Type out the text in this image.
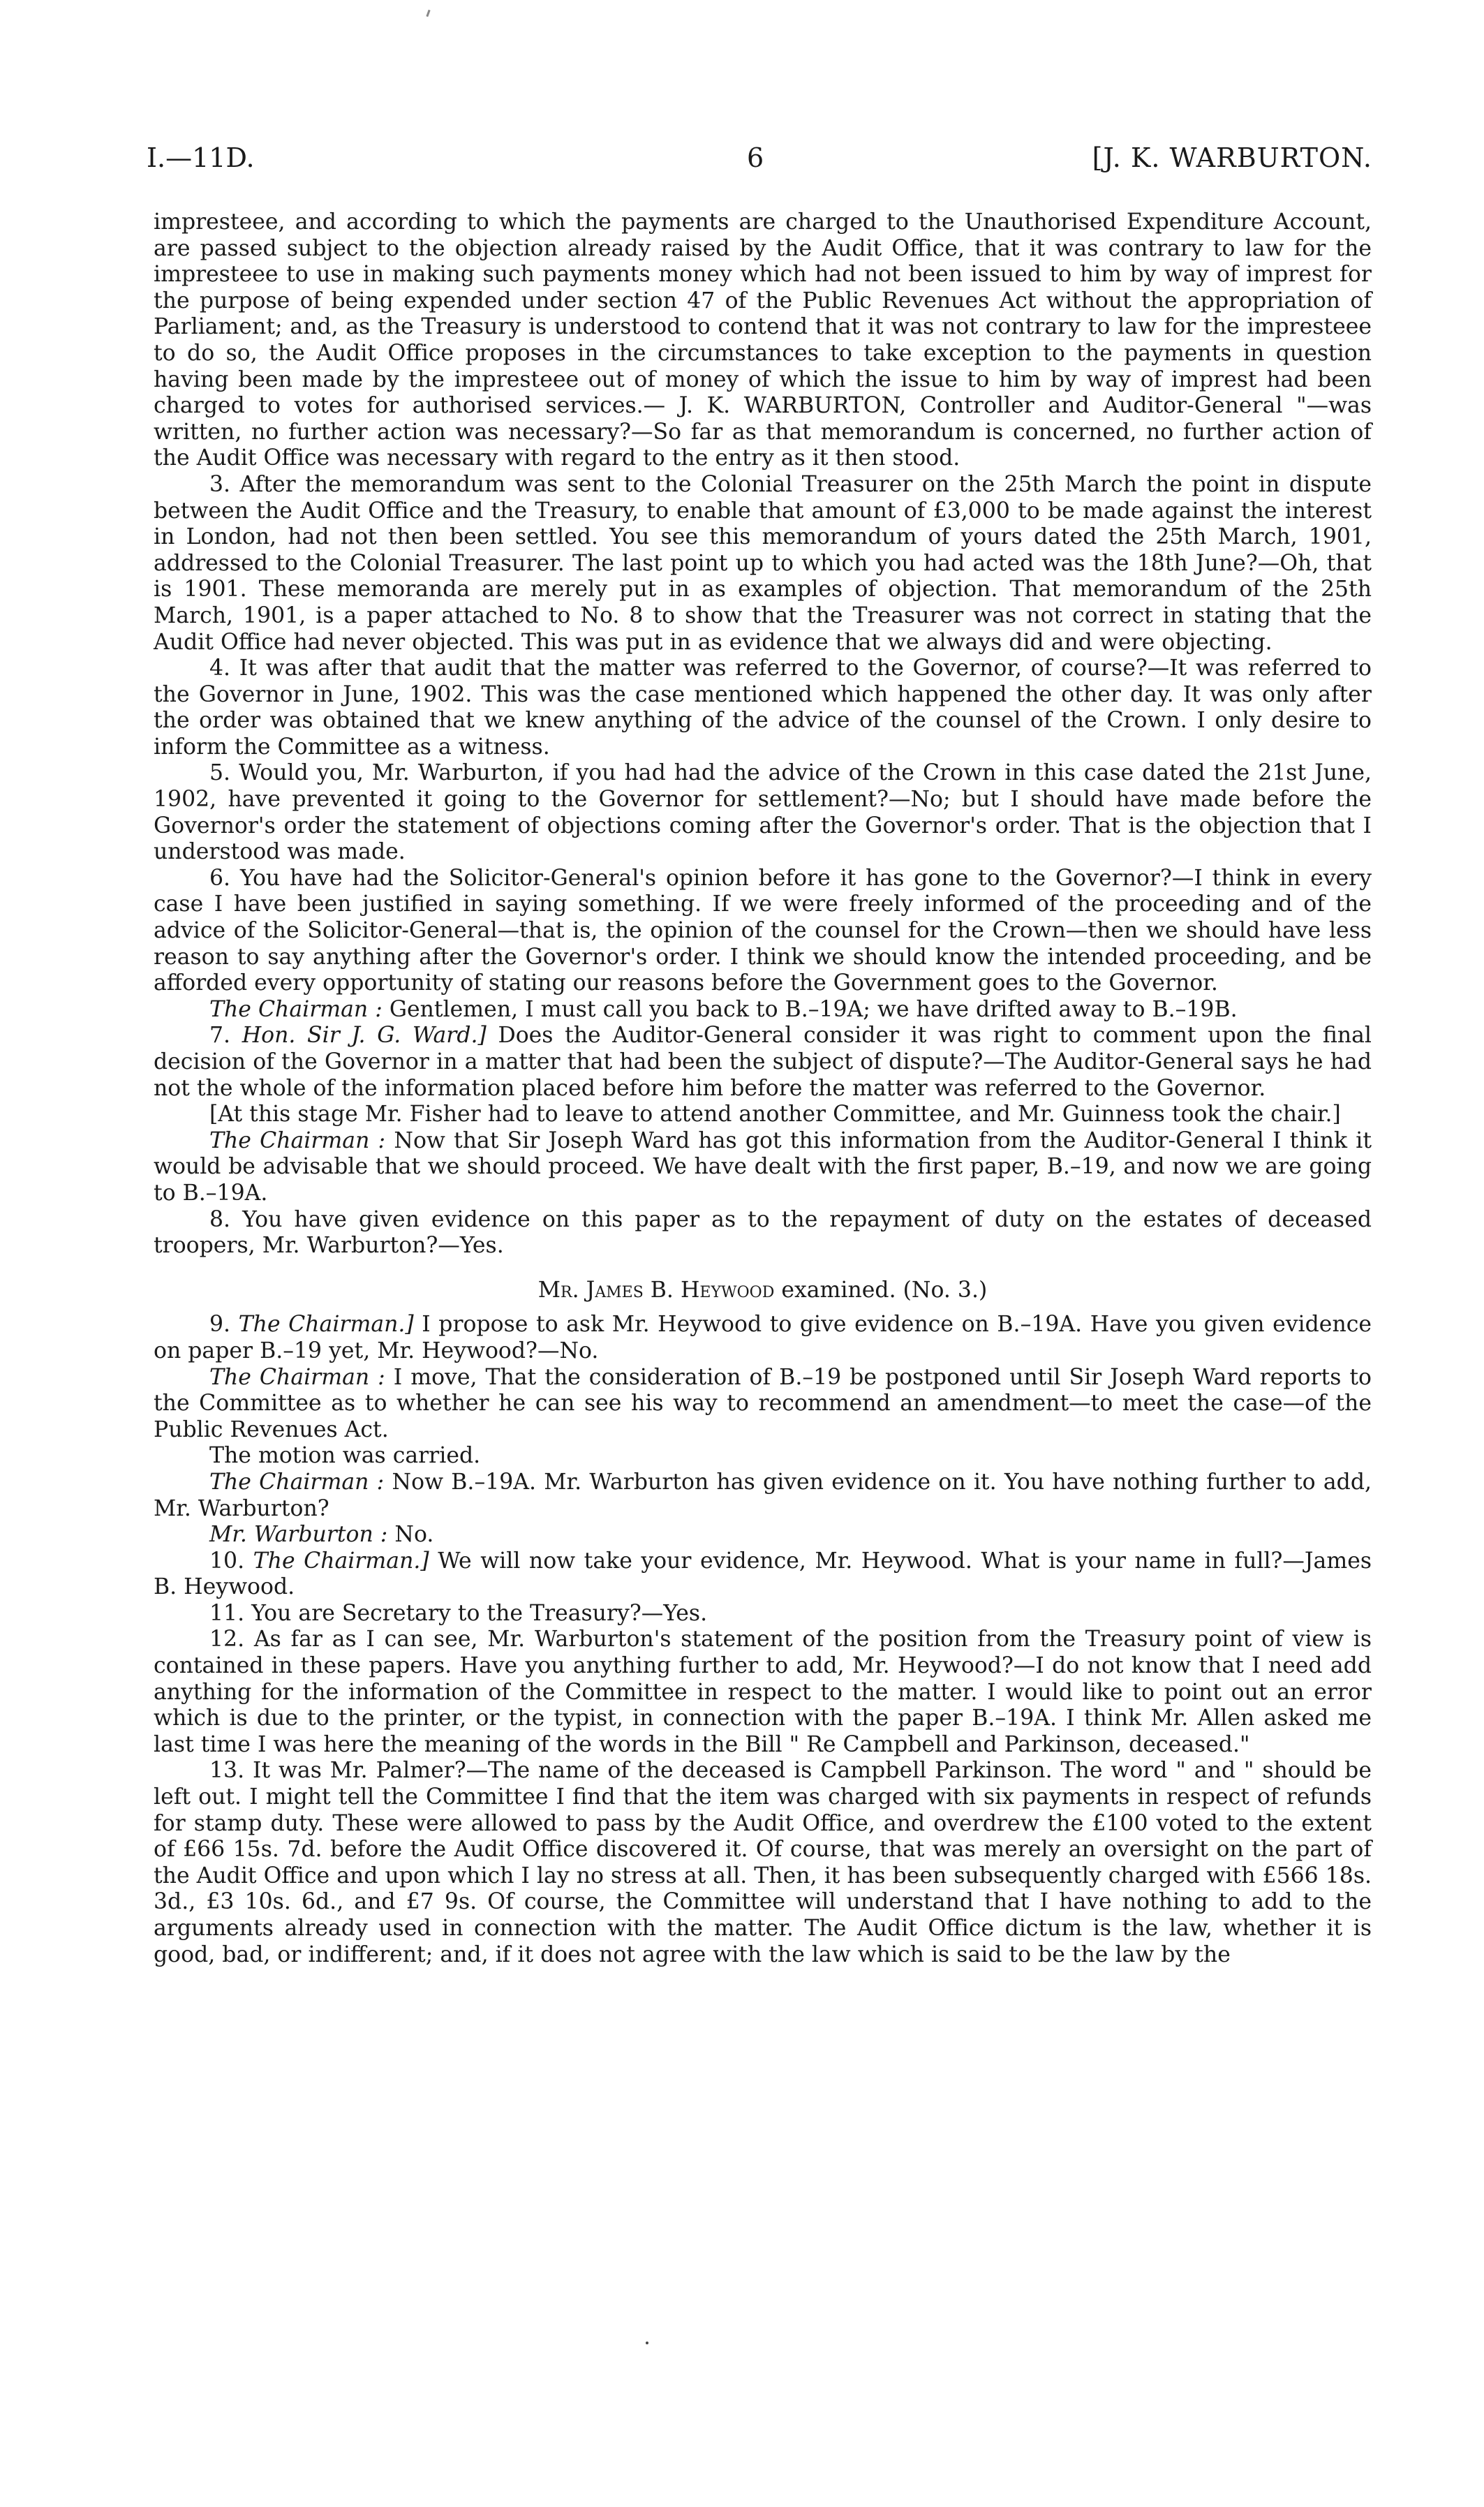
I.—11D.	6	[J. K. WARBURTON.

impresteee, and according to which the payments are charged to the Unauthorised Expenditure Account, are passed subject to the objection already raised by the Audit Office, that it was contrary to law for the impresteee to use in making such payments money which had not been issued to him by way of imprest for the purpose of being expended under section 47 of the Public Revenues Act without the appropriation of Parliament; and, as the Treasury is understood to contend that it was not contrary to law for the impresteee to do so, the Audit Office proposes in the circumstances to take exception to the payments in question having been made by the impresteee out of money of which the issue to him by way of imprest had been charged to votes for authorised services.— J. K. WARBURTON, Controller and Auditor-General "—was written, no further action was necessary?—So far as that memorandum is concerned, no further action of the Audit Office was necessary with regard to the entry as it then stood.

3. After the memorandum was sent to the Colonial Treasurer on the 25th March the point in dispute between the Audit Office and the Treasury, to enable that amount of £3,000 to be made against the interest in London, had not then been settled. You see this memorandum of yours dated the 25th March, 1901, addressed to the Colonial Treasurer. The last point up to which you had acted was the 18th June?—Oh, that is 1901. These memoranda are merely put in as examples of objection. That memorandum of the 25th March, 1901, is a paper attached to No. 8 to show that the Treasurer was not correct in stating that the Audit Office had never objected. This was put in as evidence that we always did and were objecting.

4. It was after that audit that the matter was referred to the Governor, of course?—It was referred to the Governor in June, 1902. This was the case mentioned which happened the other day. It was only after the order was obtained that we knew anything of the advice of the counsel of the Crown. I only desire to inform the Committee as a witness.

5. Would you, Mr. Warburton, if you had had the advice of the Crown in this case dated the 21st June, 1902, have prevented it going to the Governor for settlement?—No; but I should have made before the Governor's order the statement of objections coming after the Governor's order. That is the objection that I understood was made.

6. You have had the Solicitor-General's opinion before it has gone to the Governor?—I think in every case I have been justified in saying something. If we were freely informed of the proceeding and of the advice of the Solicitor-General—that is, the opinion of the counsel for the Crown—then we should have less reason to say anything after the Governor's order. I think we should know the intended proceeding, and be afforded every opportunity of stating our reasons before the Government goes to the Governor.

The Chairman : Gentlemen, I must call you back to B.–19A; we have drifted away to B.–19B.

7. Hon. Sir J. G. Ward.] Does the Auditor-General consider it was right to comment upon the final decision of the Governor in a matter that had been the subject of dispute?—The Auditor-General says he had not the whole of the information placed before him before the matter was referred to the Governor.

[At this stage Mr. Fisher had to leave to attend another Committee, and Mr. Guinness took the chair.]

The Chairman : Now that Sir Joseph Ward has got this information from the Auditor-General I think it would be advisable that we should proceed. We have dealt with the first paper, B.–19, and now we are going to B.–19A.

8. You have given evidence on this paper as to the repayment of duty on the estates of deceased troopers, Mr. Warburton?—Yes.

Mr. James B. Heywood examined. (No. 3.)

9. The Chairman.] I propose to ask Mr. Heywood to give evidence on B.–19A. Have you given evidence on paper B.–19 yet, Mr. Heywood?—No.

The Chairman : I move, That the consideration of B.–19 be postponed until Sir Joseph Ward reports to the Committee as to whether he can see his way to recommend an amendment—to meet the case—of the Public Revenues Act.

The motion was carried.

The Chairman : Now B.–19A. Mr. Warburton has given evidence on it. You have nothing further to add, Mr. Warburton?

Mr. Warburton : No.

10. The Chairman.] We will now take your evidence, Mr. Heywood. What is your name in full?—James B. Heywood.

11. You are Secretary to the Treasury?—Yes.

12. As far as I can see, Mr. Warburton's statement of the position from the Treasury point of view is contained in these papers. Have you anything further to add, Mr. Heywood?—I do not know that I need add anything for the information of the Committee in respect to the matter. I would like to point out an error which is due to the printer, or the typist, in connection with the paper B.–19A. I think Mr. Allen asked me last time I was here the meaning of the words in the Bill " Re Campbell and Parkinson, deceased."

13. It was Mr. Palmer?—The name of the deceased is Campbell Parkinson. The word " and " should be left out. I might tell the Committee I find that the item was charged with six payments in respect of refunds for stamp duty. These were allowed to pass by the Audit Office, and overdrew the £100 voted to the extent of £66 15s. 7d. before the Audit Office discovered it. Of course, that was merely an oversight on the part of the Audit Office and upon which I lay no stress at all. Then, it has been subsequently charged with £566 18s. 3d., £3 10s. 6d., and £7 9s. Of course, the Committee will understand that I have nothing to add to the arguments already used in connection with the matter. The Audit Office dictum is the law, whether it is good, bad, or indifferent; and, if it does not agree with the law which is said to be the law by the
